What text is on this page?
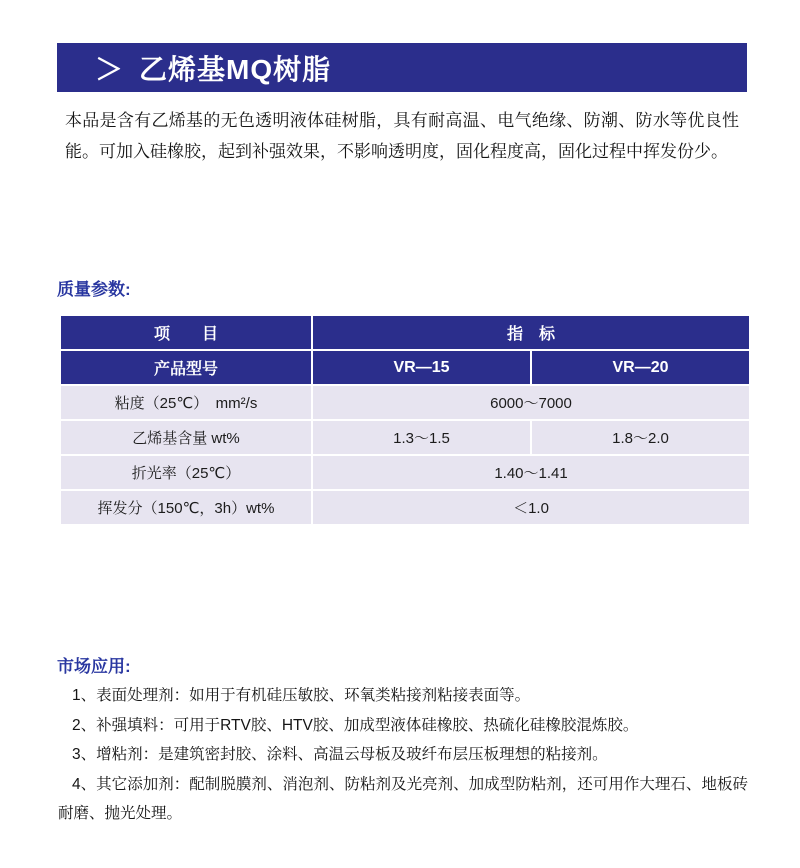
＞ 乙烯基MQ树脂

本品是含有乙烯基的无色透明液体硅树脂，具有耐高温、电气绝缘、防潮、防水等优良性能。可加入硅橡胶，起到补强效果，不影响透明度，固化程度高，固化过程中挥发份少。

质量参数:
项　　目	指　标	
产品型号	VR—15	VR—20
粘度（25℃）　mm²/s	6000～7000	
乙烯基含量 wt%	1.3～1.5	1.8～2.0
折光率（25℃）	1.40～1.41	
挥发分（150℃，3h）wt%	＜1.0	
市场应用:
1、表面处理剂：如用于有机硅压敏胶、环氧类粘接剂粘接表面等。
2、补强填料：可用于RTV胶、HTV胶、加成型液体硅橡胶、热硫化硅橡胶混炼胶。
3、增粘剂：是建筑密封胶、涂料、高温云母板及玻纤布层压板理想的粘接剂。
4、其它添加剂：配制脱膜剂、消泡剂、防粘剂及光亮剂、加成型防粘剂，还可用作大理石、地板砖耐磨、抛光处理。
